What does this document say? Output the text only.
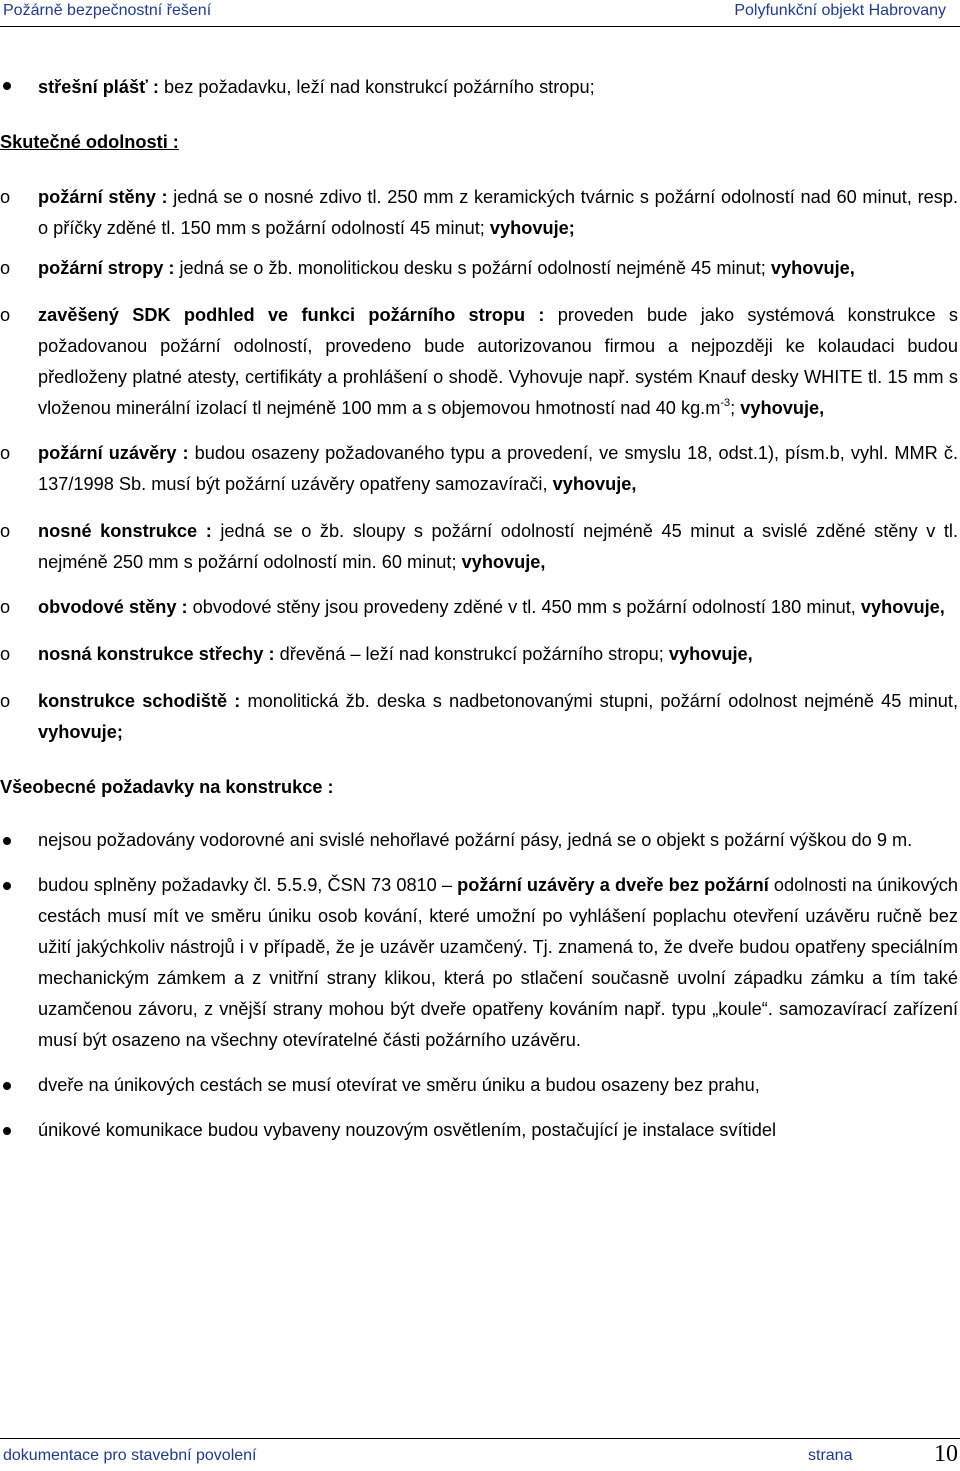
Požárně bezpečnostní řešení	Polyfunkční objekt Habrovany
střešní plášť : bez požadavku, leží nad konstrukcí požárního stropu;
Skutečné odolnosti :
o požární stěny : jedná se o nosné zdivo tl. 250 mm z keramických tvárnic s požární odolností nad 60 minut, resp. o příčky zděné tl. 150 mm s požární odolností 45 minut; vyhovuje;
o požární stropy : jedná se o žb. monolitickou desku s požární odolností nejméně 45 minut; vyhovuje,
o zavěšený SDK podhled ve funkci požárního stropu : proveden bude jako systémová konstrukce s požadovanou požární odolností, provedeno bude autorizovanou firmou a nejpozději ke kolaudaci budou předloženy platné atesty, certifikáty a prohlášení o shodě. Vyhovuje např. systém Knauf desky WHITE tl. 15 mm s vloženou minerální izolací tl nejméně 100 mm a s objemovou hmotností nad 40 $kg.m^{-3}$; vyhovuje,
o požární uzávěry : budou osazeny požadovaného typu a provedení, ve smyslu 18, odst.1), písm.b, vyhl. MMR č. 137/1998 Sb. musí být požární uzávěry opatřeny samozavírači, vyhovuje,
o nosné konstrukce : jedná se o žb. sloupy s požární odolností nejméně 45 minut a svislé zděné stěny v tl. nejméně 250 mm s požární odolností min. 60 minut; vyhovuje,
o obvodové stěny : obvodové stěny jsou provedeny zděné v tl. 450 mm s požární odolností 180 minut, vyhovuje,
o nosná konstrukce střechy : dřevěná – leží nad konstrukcí požárního stropu; vyhovuje,
o konstrukce schodiště : monolitická žb. deska s nadbetonovanými stupni, požární odolnost nejméně 45 minut, vyhovuje;
Všeobecné požadavky na konstrukce :
nejsou požadovány vodorovné ani svislé nehořlavé požární pásy, jedná se o objekt s požární výškou do 9 m.
budou splněny požadavky čl. 5.5.9, ČSN 73 0810 – požární uzávěry a dveře bez požární odolnosti na únikových cestách musí mít ve směru úniku osob kování, které umožní po vyhlášení poplachu otevření uzávěru ručně bez užití jakýchkoliv nástrojů i v případě, že je uzávěr uzamčený. Tj. znamená to, že dveře budou opatřeny speciálním mechanickým zámkem a z vnitřní strany klikou, která po stlačení současně uvolní západku zámku a tím také uzamčenou závoru, z vnější strany mohou být dveře opatřeny kováním např. typu „koule“. samozavírací zařízení musí být osazeno na všechny otevíratelné části požárního uzávěru.
dveře na únikových cestách se musí otevírat ve směru úniku a budou osazeny bez prahu,
únikové komunikace budou vybaveny nouzovým osvětlením, postačující je instalace svítidel
dokumentace pro stavební povolení	strana	10
